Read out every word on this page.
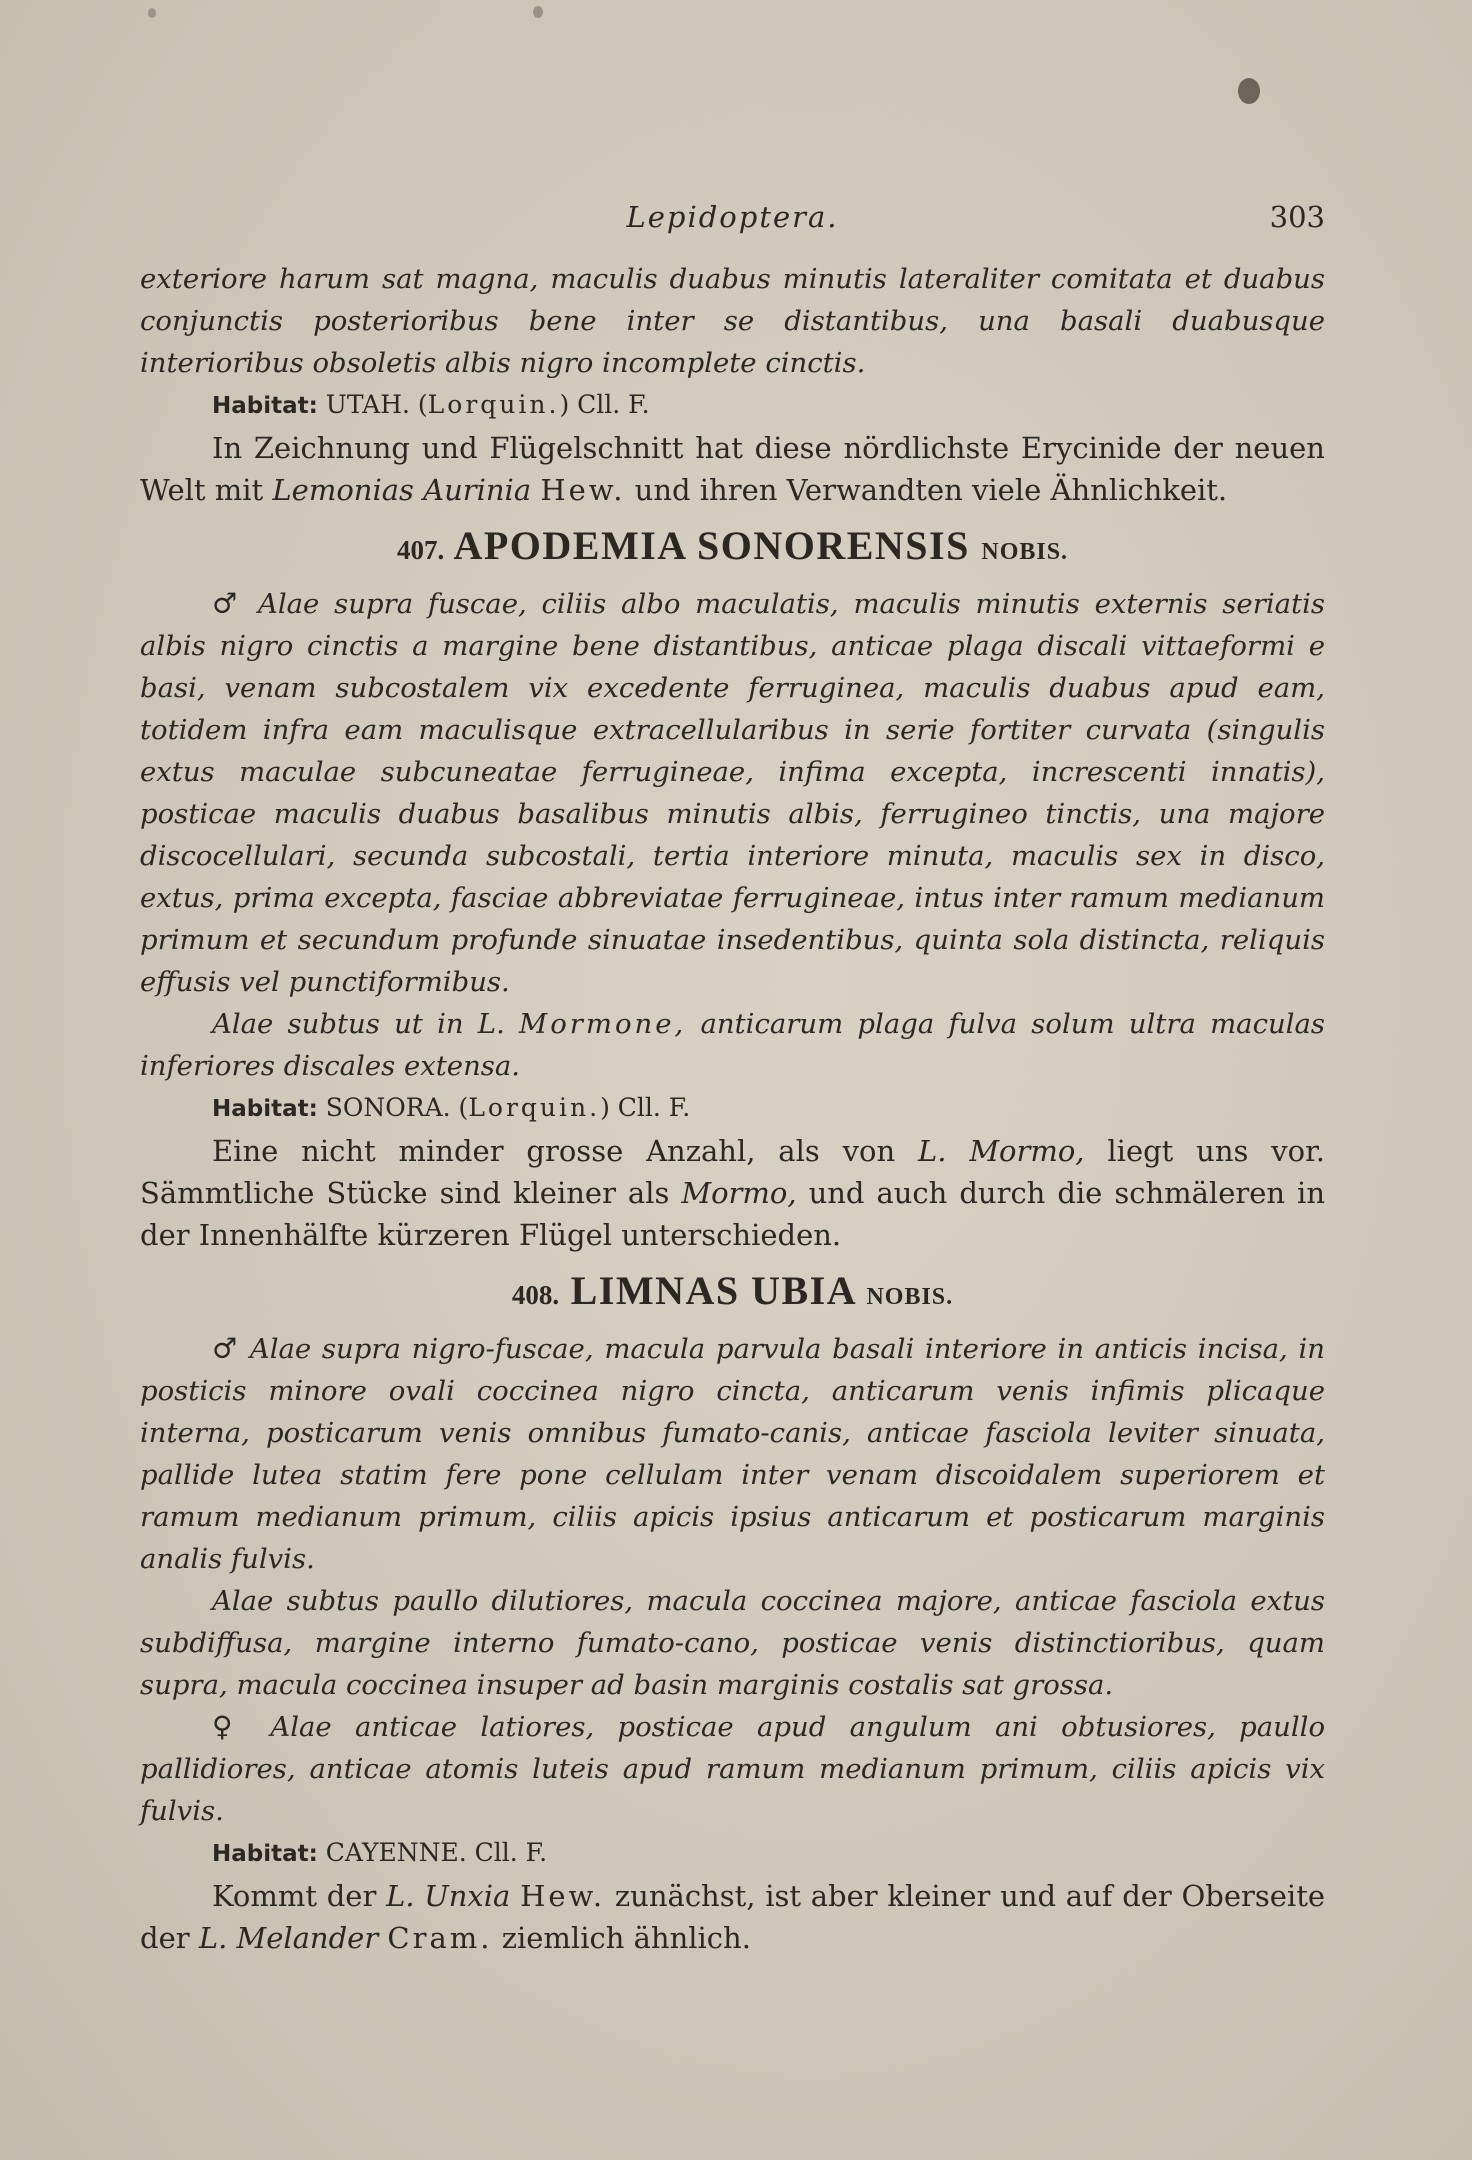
Lepidoptera.	303

exteriore harum sat magna, maculis duabus minutis lateraliter comitata et duabus conjunctis posterioribus bene inter se distantibus, una basali duabusque interioribus obsoletis albis nigro incomplete cinctis.

Habitat: UTAH. (Lorquin.) Cll. F.

In Zeichnung und Flügelschnitt hat diese nördlichste Erycinide der neuen Welt mit Lemonias Aurinia Hew. und ihren Verwandten viele Ähnlichkeit.

407. APODEMIA SONORENSIS NOBIS.

♂ Alae supra fuscae, ciliis albo maculatis, maculis minutis externis seriatis albis nigro cinctis a margine bene distantibus, anticae plaga discali vittaeformi e basi, venam subcostalem vix excedente ferruginea, maculis duabus apud eam, totidem infra eam maculisque extracellularibus in serie fortiter curvata (singulis extus maculae subcuneatae ferrugineae, infima excepta, increscenti innatis), posticae maculis duabus basalibus minutis albis, ferrugineo tinctis, una majore discocellulari, secunda subcostali, tertia interiore minuta, maculis sex in disco, extus, prima excepta, fasciae abbreviatae ferrugineae, intus inter ramum medianum primum et secundum profunde sinuatae insedentibus, quinta sola distincta, reliquis effusis vel punctiformibus.

Alae subtus ut in L. Mormone, anticarum plaga fulva solum ultra maculas inferiores discales extensa.

Habitat: SONORA. (Lorquin.) Cll. F.

Eine nicht minder grosse Anzahl, als von L. Mormo, liegt uns vor. Sämmtliche Stücke sind kleiner als Mormo, und auch durch die schmäleren in der Innenhälfte kürzeren Flügel unterschieden.

408. LIMNAS UBIA NOBIS.

♂ Alae supra nigro-fuscae, macula parvula basali interiore in anticis incisa, in posticis minore ovali coccinea nigro cincta, anticarum venis infimis plicaque interna, posticarum venis omnibus fumato-canis, anticae fasciola leviter sinuata, pallide lutea statim fere pone cellulam inter venam discoidalem superiorem et ramum medianum primum, ciliis apicis ipsius anticarum et posticarum marginis analis fulvis.

Alae subtus paullo dilutiores, macula coccinea majore, anticae fasciola extus subdiffusa, margine interno fumato-cano, posticae venis distinctioribus, quam supra, macula coccinea insuper ad basin marginis costalis sat grossa.

♀ Alae anticae latiores, posticae apud angulum ani obtusiores, paullo pallidiores, anticae atomis luteis apud ramum medianum primum, ciliis apicis vix fulvis.

Habitat: CAYENNE. Cll. F.

Kommt der L. Unxia Hew. zunächst, ist aber kleiner und auf der Oberseite der L. Melander Cram. ziemlich ähnlich.
